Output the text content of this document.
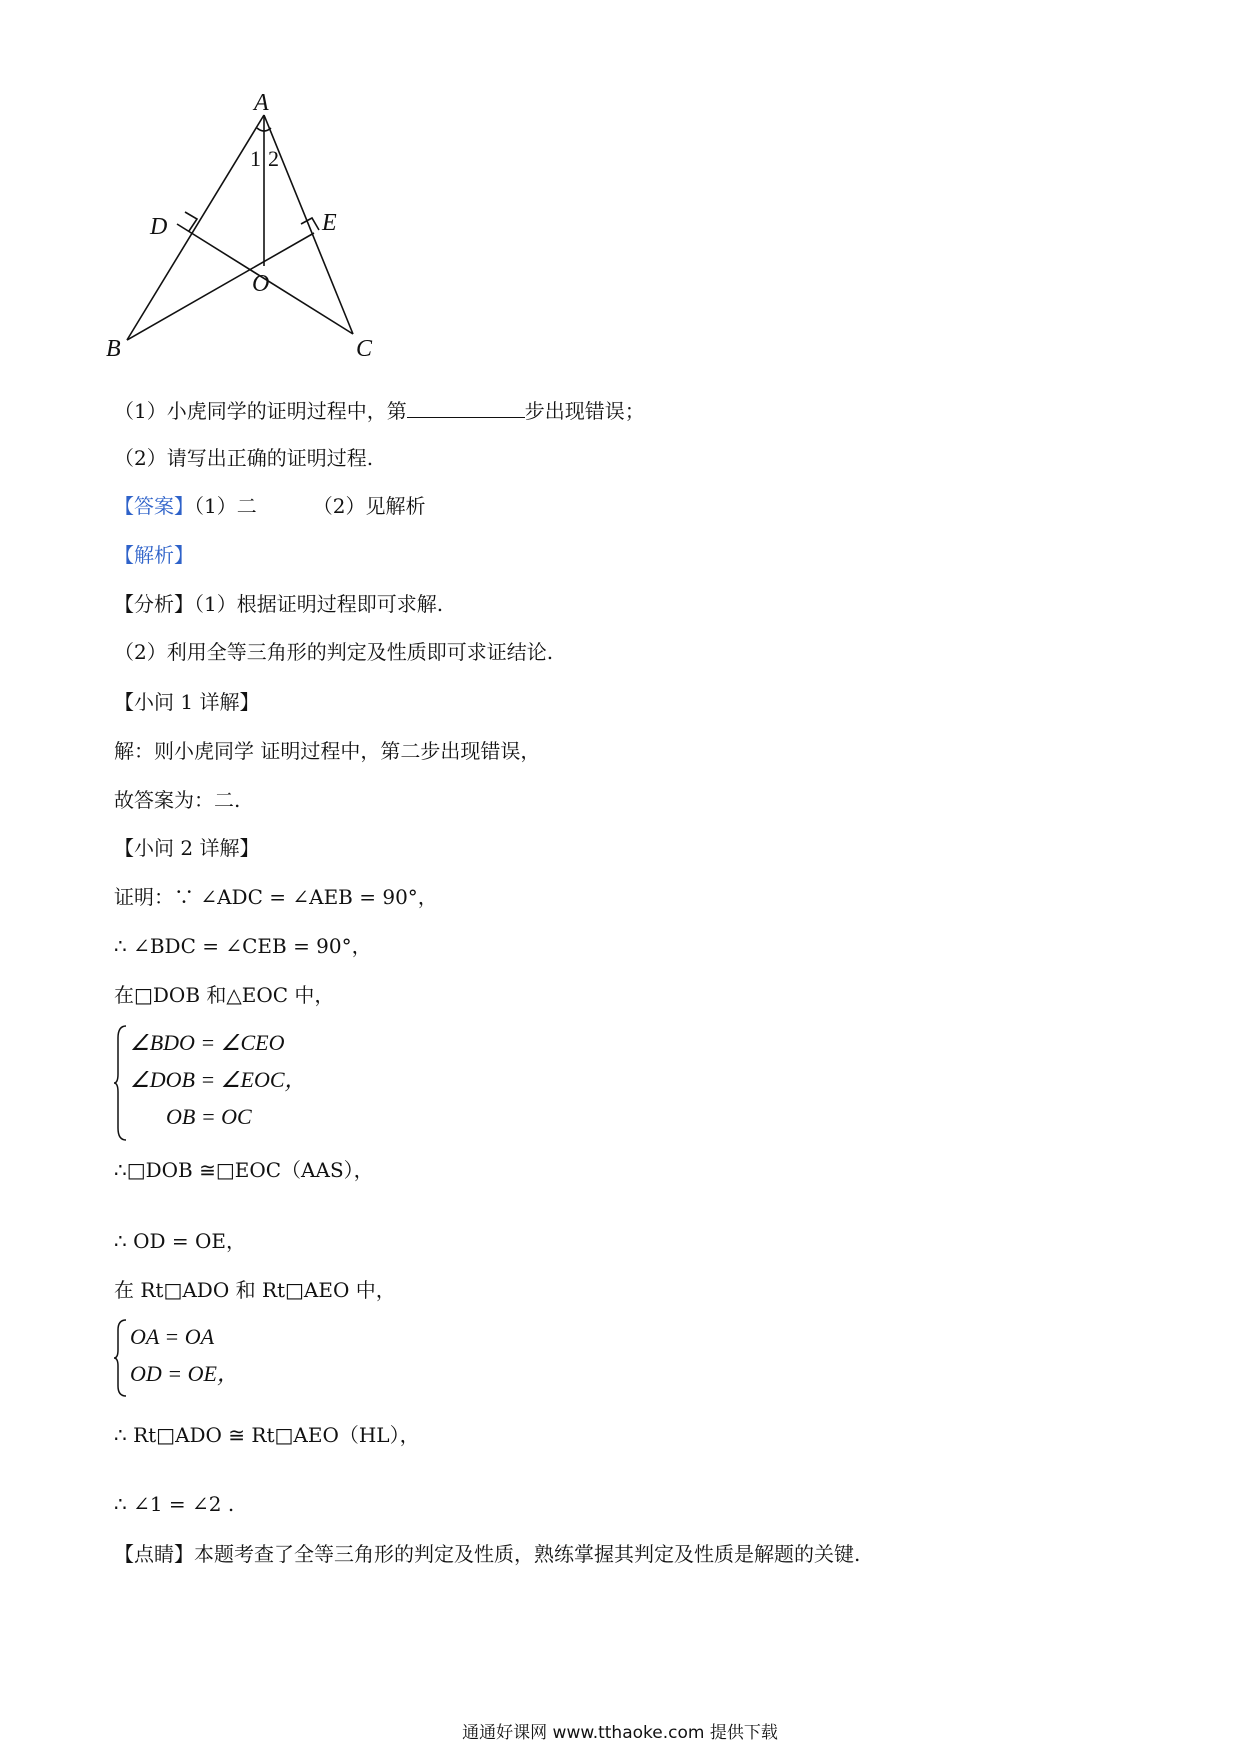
A
B	C
D	E
O
1 2
（1）小虎同学的证明过程中，第	步出现错误；
（2）请写出正确的证明过程.
【答案】（1）二	（2）见解析
【解析】
【分析】（1）根据证明过程即可求解.
（2）利用全等三角形的判定及性质即可求证结论.
【小问 1 详解】
解：则小虎同学 证明过程中，第二步出现错误，
故答案为：二.
【小问 2 详解】
证明：∵ ∠ADC = ∠AEB = 90°，
∴ ∠BDC = ∠CEB = 90°，
在□DOB 和△EOC 中，
∠BDO = ∠CEO
∠DOB = ∠EOC，
OB = OC
∴□DOB ≅□EOC（AAS），
∴ OD = OE，
在 Rt□ADO 和 Rt□AEO 中，
OA = OA
OD = OE，
∴ Rt□ADO ≅ Rt□AEO（HL），
∴ ∠1 = ∠2 .
【点睛】本题考查了全等三角形的判定及性质，熟练掌握其判定及性质是解题的关键.
通通好课网 www.tthaoke.com 提供下载
